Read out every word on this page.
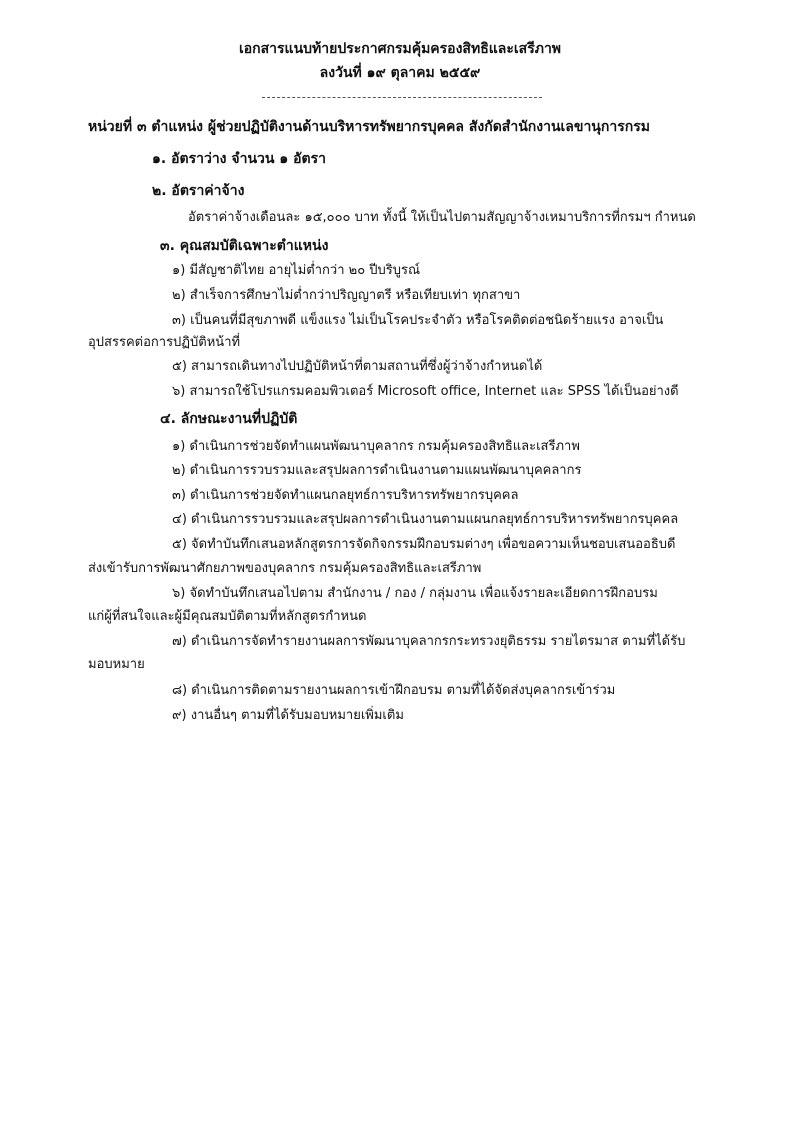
เอกสารแนบท้ายประกาศกรมคุ้มครองสิทธิและเสรีภาพ
ลงวันที่ ๑๙ ตุลาคม ๒๕๕๙
หน่วยที่ ๓ ตำแหน่ง ผู้ช่วยปฏิบัติงานด้านบริหารทรัพยากรบุคคล สังกัดสำนักงานเลขานุการกรม
๑. อัตราว่าง จำนวน ๑ อัตรา
๒. อัตราค่าจ้าง
อัตราค่าจ้างเดือนละ ๑๕,๐๐๐ บาท ทั้งนี้ ให้เป็นไปตามสัญญาจ้างเหมาบริการที่กรมฯ กำหนด
๓. คุณสมบัติเฉพาะตำแหน่ง
๑) มีสัญชาติไทย อายุไม่ต่ำกว่า ๒๐ ปีบริบูรณ์
๒) สำเร็จการศึกษาไม่ต่ำกว่าปริญญาตรี หรือเทียบเท่า ทุกสาขา
๓) เป็นคนที่มีสุขภาพดี แข็งแรง ไม่เป็นโรคประจำตัว หรือโรคติดต่อชนิดร้ายแรง อาจเป็น
อุปสรรคต่อการปฏิบัติหน้าที่
๕) สามารถเดินทางไปปฏิบัติหน้าที่ตามสถานที่ซึ่งผู้ว่าจ้างกำหนดได้
๖) สามารถใช้โปรแกรมคอมพิวเตอร์ Microsoft office, Internet และ SPSS ได้เป็นอย่างดี
๔. ลักษณะงานที่ปฏิบัติ
๑) ดำเนินการช่วยจัดทำแผนพัฒนาบุคลากร กรมคุ้มครองสิทธิและเสรีภาพ
๒) ดำเนินการรวบรวมและสรุปผลการดำเนินงานตามแผนพัฒนาบุคคลากร
๓) ดำเนินการช่วยจัดทำแผนกลยุทธ์การบริหารทรัพยากรบุคคล
๔) ดำเนินการรวบรวมและสรุปผลการดำเนินงานตามแผนกลยุทธ์การบริหารทรัพยากรบุคคล
๕) จัดทำบันทึกเสนอหลักสูตรการจัดกิจกรรมฝึกอบรมต่างๆ เพื่อขอความเห็นชอบเสนออธิบดี
ส่งเข้ารับการพัฒนาศักยภาพของบุคลากร กรมคุ้มครองสิทธิและเสรีภาพ
๖) จัดทำบันทึกเสนอไปตาม สำนักงาน / กอง / กลุ่มงาน เพื่อแจ้งรายละเอียดการฝึกอบรม
แก่ผู้ที่สนใจและผู้มีคุณสมบัติตามที่หลักสูตรกำหนด
๗) ดำเนินการจัดทำรายงานผลการพัฒนาบุคลากรกระทรวงยุติธรรม รายไตรมาส ตามที่ได้รับ
มอบหมาย
๘) ดำเนินการติดตามรายงานผลการเข้าฝึกอบรม ตามที่ได้จัดส่งบุคลากรเข้าร่วม
๙) งานอื่นๆ ตามที่ได้รับมอบหมายเพิ่มเติม
